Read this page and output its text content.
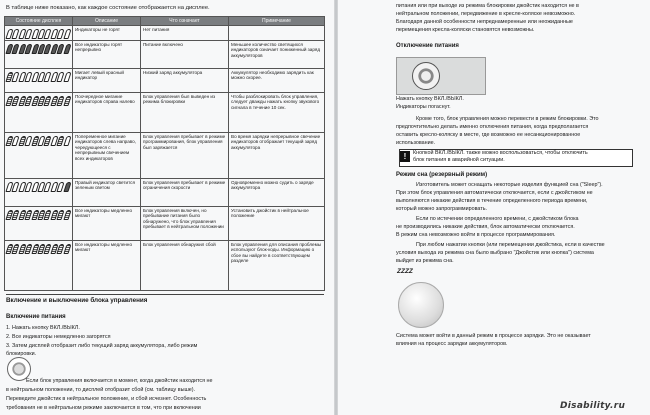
В таблице ниже показано, как каждое состояние отображается на дисплее.
Состояние дисплея	Описание	Что означает	Примечание

	Индикаторы не горят	Нет питания	

	Все индикаторы горят непрерывно	Питание включено	Меньшее количество светящихся индикаторов означает пониженный заряд аккумуляторов

	Мигает левый красный индикатор	Низкий заряд аккумулятора	Аккумулятор необходимо зарядить как можно скорее.

	Поочередное мигание индикаторов справа налево	Блок управления был выведен из режима блокировки	Чтобы разблокировать блок управления, следует дважды нажать кнопку звукового сигнала в течение 10 сек.

	Попеременное мигание индикаторов слева направо, чередующееся с непрерывным свечением всех индикаторов	Блок управления пребывает в режиме программирования, блок управления был заряжается	Во время зарядки непрерывное свечение индикаторов отображает текущий заряд аккумулятора

	Правый индикатор светится зеленым светом	Блок управления пребывает в режиме ограничения скорости	Одновременно можно судить о заряде аккумулятора

	Все индикаторы медленно мигают	Блок управления включен, но пребывание питания было обнаружено, что блок управления пребывает в нейтральном положении	Установить джойстик в нейтральное положение

	Все индикаторы медленно мигают	Блок управления обнаружил сбой	Блок управления для описания проблемы используют блок-коды. Информацию о сбое вы найдете в соответствующем разделе
Включение и выключение блока управления
Включение питания
1. Нажать кнопку ВКЛ./ВЫКЛ.
2. Все индикаторы немедленно загорятся
3. Затем дисплей отобразит либо текущий заряд аккумулятора, либо режим
блокировки.
Если блок управления включается в момент, когда джойстик находится не
в нейтральном положении, то дисплей отобразит сбой (см. таблицу выше).
Переведите джойстик в нейтральное положение, и сбой исчезнет. Особенность
требования не в нейтральном режиме заключается в том, что при включении
питания или при выходе из режима блокировки джойстик находится не в
нейтральном положении, передвижение в кресле-коляске невозможно.
Благодаря данной особенности непреднамеренные или неожиданные
перемещения кресла-коляски становятся невозможны.
Отключение питания
Нажать кнопку ВКЛ./ВЫКЛ.
Индикаторы погаснут.
Кроме того, блок управления можно перевести в режим блокировки. Это
предпочтительно делать именно отключения питания, когда предполагается
оставить кресло-коляску в месте, где возможно ее несанкционированное
использование.
!	Кнопкой ВКЛ./ВЫКЛ. также можно воспользоваться, чтобы отключить
блок питания в аварийной ситуации.
Режим сна (резервный режим)
Изготовитель может оснащать некоторые изделия функцией сна ("Sleep").
При этом блок управления автоматически отключается, если с джойстиком не
выполняются никакие действия в течение определенного периода времени,
который можно запрограммировать.
Если по истечении определенного времени, с джойстиком блока
не производились никакие действия, блок автоматически отключается.
В режим сна невозможно войти в процессе программирования.
При любом нажатии кнопки (или перемещении джойстика, если в качестве
условия выхода из режима сна было выбрано "Джойстик или кнопка") система
выйдет из режима сна.
ZZZZ
Система может войти в данный режим в процессе зарядки. Это не оказывает
влияния на процесс зарядки аккумуляторов.
Disability.ru
